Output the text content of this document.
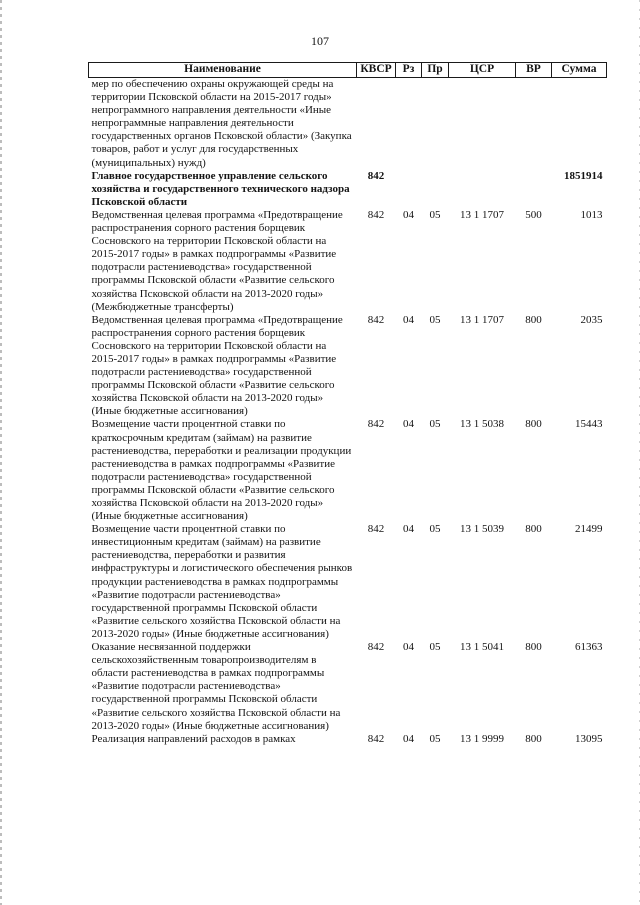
107
Наименование	КВСР	Рз	Пр	ЦСР	ВР	Сумма
мер по обеспечению охраны окружающей среды на территории Псковской области на 2015-2017 годы» непрограммного направления деятельности «Иные непрограммные направления деятельности государственных органов Псковской области» (Закупка товаров, работ и услуг для государственных (муниципальных) нужд)						
Главное государственное управление сельского хозяйства и государственного технического надзора Псковской области	842					1851914
Ведомственная целевая программа «Предотвращение распространения сорного растения борщевик Сосновского на территории Псковской области на 2015-2017 годы» в рамках подпрограммы «Развитие подотрасли растениеводства» государственной программы Псковской области «Развитие сельского хозяйства Псковской области на 2013-2020 годы» (Межбюджетные трансферты)	842	04	05	13 1 1707	500	1013
Ведомственная целевая программа «Предотвращение распространения сорного растения борщевик Сосновского на территории Псковской области на 2015-2017 годы» в рамках подпрограммы «Развитие подотрасли растениеводства» государственной программы Псковской области «Развитие сельского хозяйства Псковской области на 2013-2020 годы» (Иные бюджетные ассигнования)	842	04	05	13 1 1707	800	2035
Возмещение части процентной ставки по краткосрочным кредитам (займам) на развитие растениеводства, переработки и реализации продукции растениеводства в рамках подпрограммы «Развитие подотрасли растениеводства» государственной программы Псковской области «Развитие сельского хозяйства Псковской области на 2013-2020 годы» (Иные бюджетные ассигнования)	842	04	05	13 1 5038	800	15443
Возмещение части процентной ставки по инвестиционным кредитам (займам) на развитие растениеводства, переработки и развития инфраструктуры и логистического обеспечения рынков продукции растениеводства в рамках подпрограммы «Развитие подотрасли растениеводства» государственной программы Псковской области «Развитие сельского хозяйства Псковской области на 2013-2020 годы» (Иные бюджетные ассигнования)	842	04	05	13 1 5039	800	21499
Оказание несвязанной поддержки сельскохозяйственным товаропроизводителям в области растениеводства в рамках подпрограммы «Развитие подотрасли растениеводства» государственной программы Псковской области «Развитие сельского хозяйства Псковской области на 2013-2020 годы» (Иные бюджетные ассигнования)	842	04	05	13 1 5041	800	61363
Реализация направлений расходов в рамках	842	04	05	13 1 9999	800	13095
